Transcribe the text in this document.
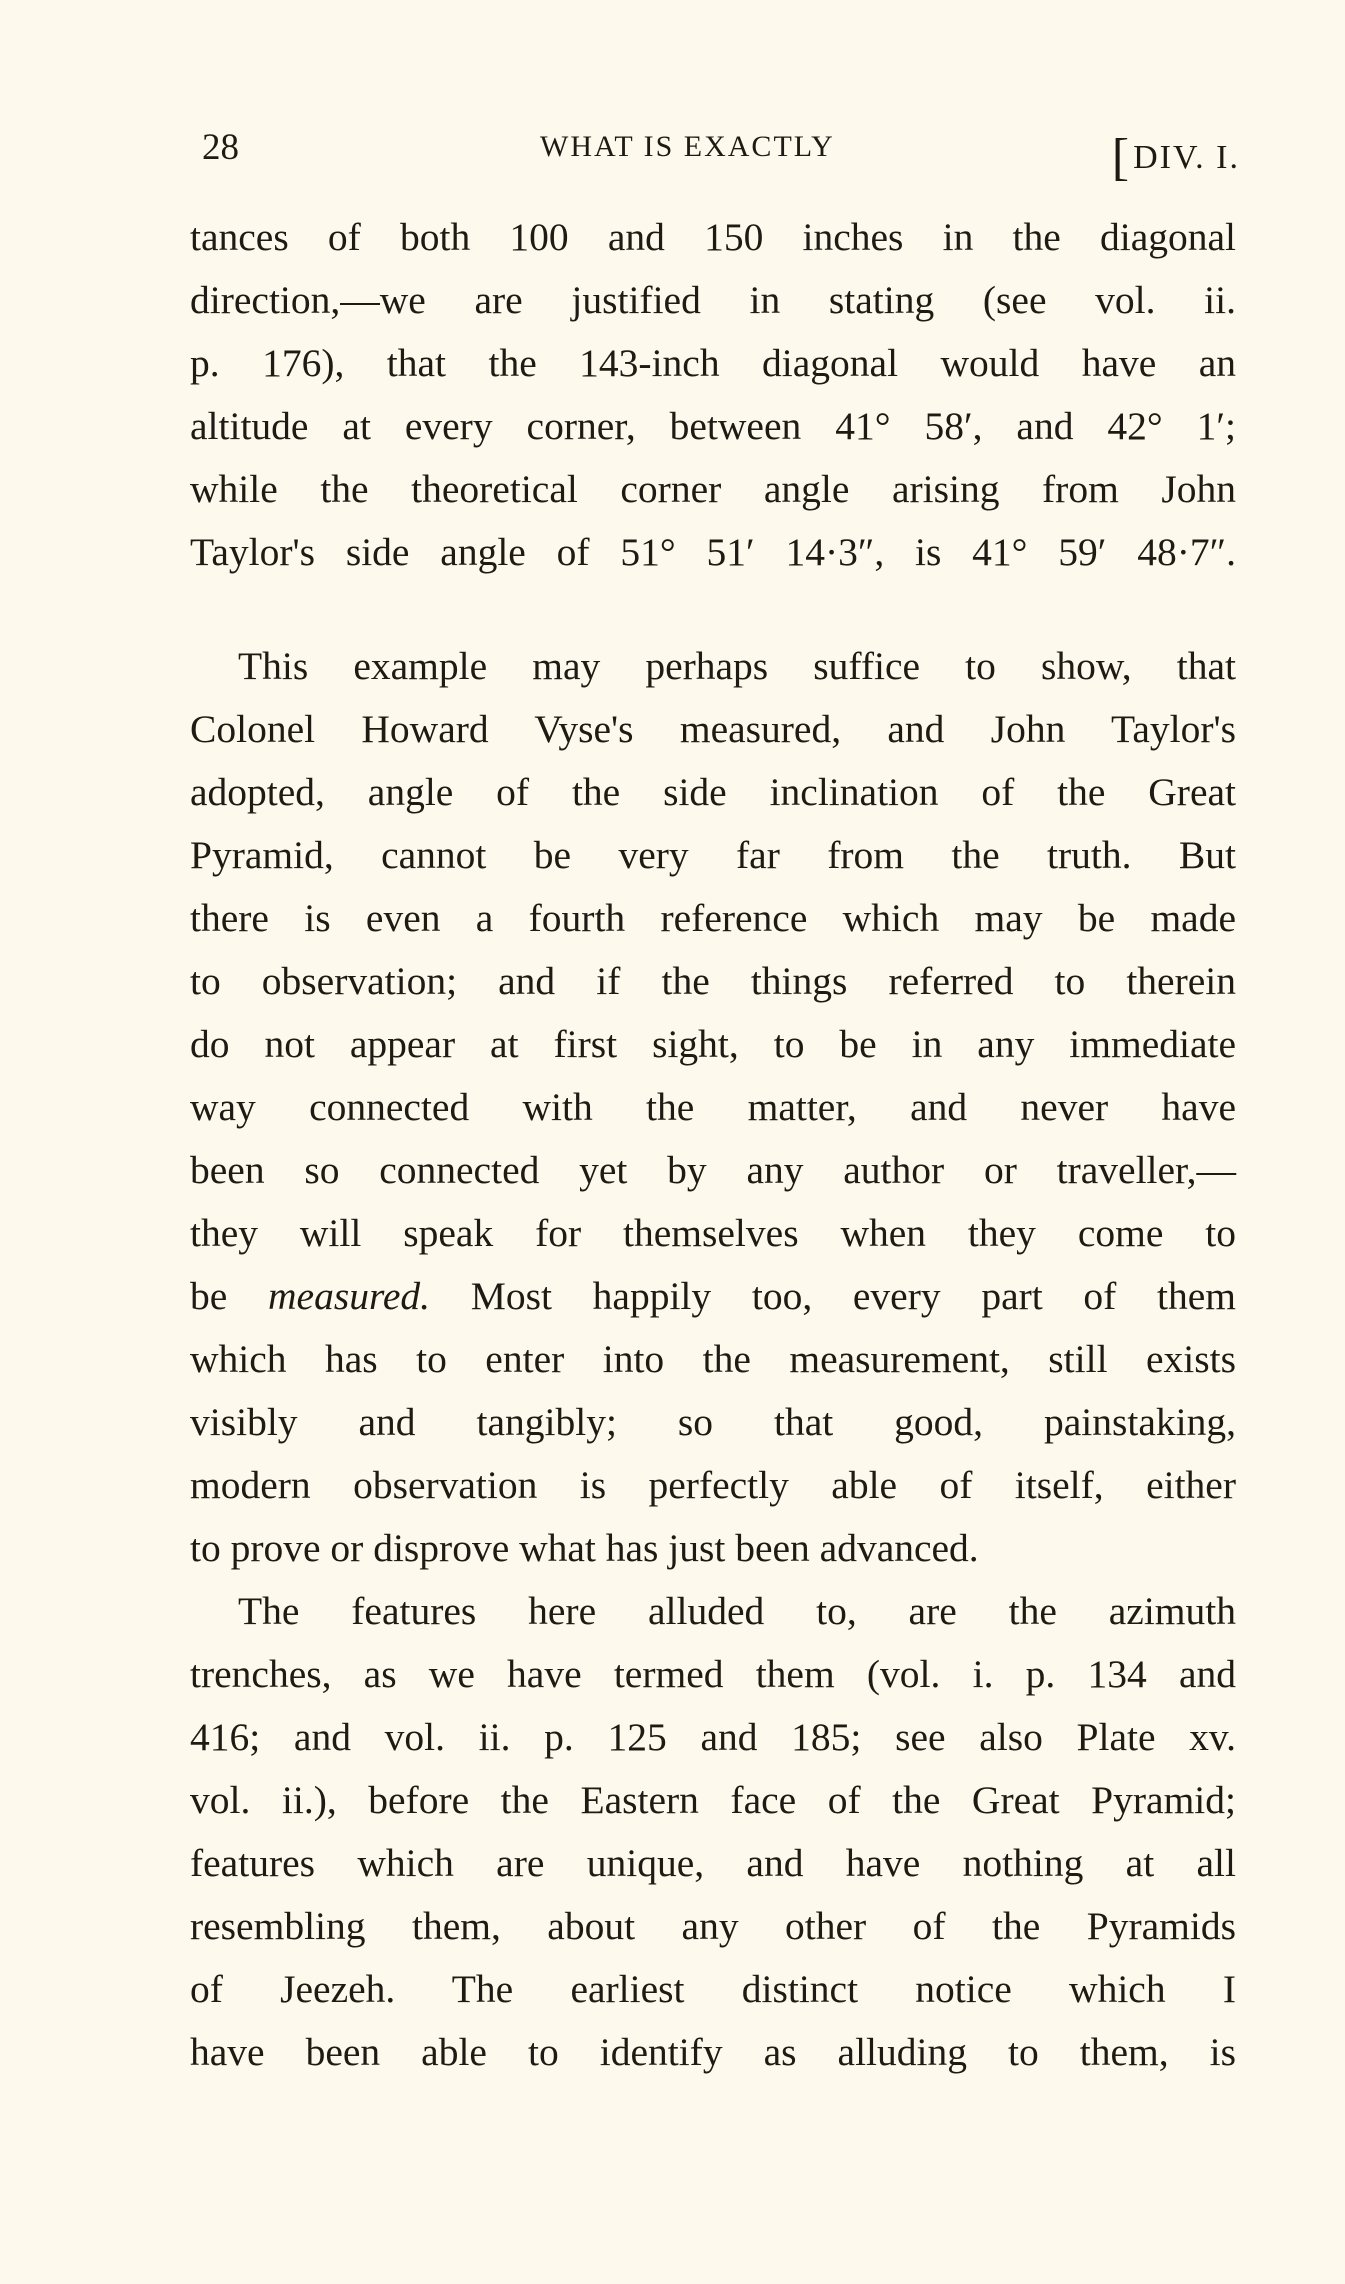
28	WHAT IS EXACTLY	[DIV. I.
tances of both 100 and 150 inches in the diagonal
direction,—we are justified in stating (see vol. ii.
p. 176), that the 143-inch diagonal would have an
altitude at every corner, between 41° 58′, and 42° 1′;
while the theoretical corner angle arising from John
Taylor's side angle of 51° 51′ 14·3″, is 41° 59′ 48·7″.
This example may perhaps suffice to show, that
Colonel Howard Vyse's measured, and John Taylor's
adopted, angle of the side inclination of the Great
Pyramid, cannot be very far from the truth. But
there is even a fourth reference which may be made
to observation; and if the things referred to therein
do not appear at first sight, to be in any immediate
way connected with the matter, and never have
been so connected yet by any author or traveller,—
they will speak for themselves when they come to
be measured. Most happily too, every part of them
which has to enter into the measurement, still exists
visibly and tangibly; so that good, painstaking,
modern observation is perfectly able of itself, either
to prove or disprove what has just been advanced.
The features here alluded to, are the azimuth
trenches, as we have termed them (vol. i. p. 134 and
416; and vol. ii. p. 125 and 185; see also Plate xv.
vol. ii.), before the Eastern face of the Great Pyramid;
features which are unique, and have nothing at all
resembling them, about any other of the Pyramids
of Jeezeh. The earliest distinct notice which I
have been able to identify as alluding to them, is
